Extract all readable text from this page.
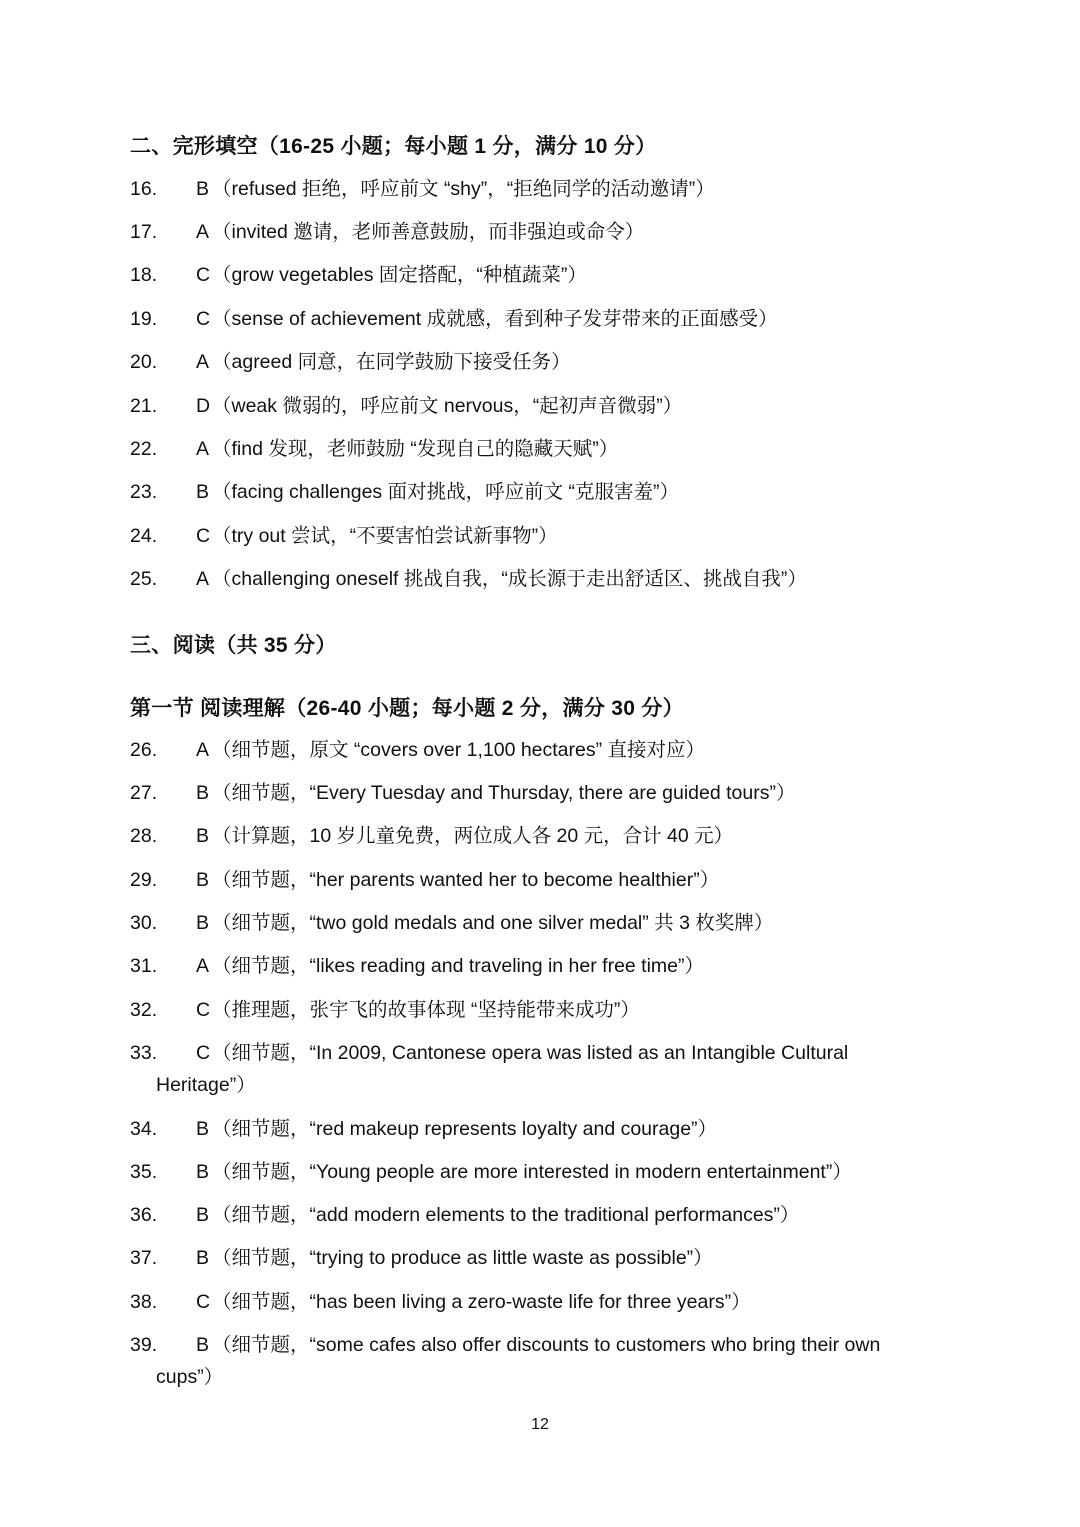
二、完形填空（16-25 小题；每小题 1 分，满分 10 分）
16. B （refused 拒绝，呼应前文 “shy”，“拒绝同学的活动邀请”）
17. A （invited 邀请，老师善意鼓励，而非强迫或命令）
18. C（grow vegetables 固定搭配，“种植蔬菜”）
19. C（sense of achievement 成就感，看到种子发芽带来的正面感受）
20. A （agreed 同意，在同学鼓励下接受任务）
21. D（weak 微弱的，呼应前文 nervous，“起初声音微弱”）
22. A （find 发现，老师鼓励 “发现自己的隐藏天赋”）
23. B （facing challenges 面对挑战，呼应前文 “克服害羞”）
24. C（try out 尝试，“不要害怕尝试新事物”）
25. A （challenging oneself 挑战自我，“成长源于走出舒适区、挑战自我”）
三、阅读（共 35 分）
第一节 阅读理解（26-40 小题；每小题 2 分，满分 30 分）
26. A （细节题，原文 “covers over 1,100 hectares” 直接对应）
27. B （细节题，“Every Tuesday and Thursday, there are guided tours”）
28. B （计算题，10 岁儿童免费，两位成人各 20 元，合计 40 元）
29. B （细节题，“her parents wanted her to become healthier”）
30. B （细节题，“two gold medals and one silver medal” 共 3 枚奖牌）
31. A （细节题，“likes reading and traveling in her free time”）
32. C（推理题，张宇飞的故事体现 “坚持能带来成功”）
33. C（细节题，“In 2009, Cantonese opera was listed as an Intangible Cultural
Heritage”）
34. B （细节题，“red makeup represents loyalty and courage”）
35. B （细节题，“Young people are more interested in modern entertainment”）
36. B （细节题，“add modern elements to the traditional performances”）
37. B （细节题，“trying to produce as little waste as possible”）
38. C（细节题，“has been living a zero-waste life for three years”）
39. B （细节题，“some cafes also offer discounts to customers who bring their own
cups”）
12
